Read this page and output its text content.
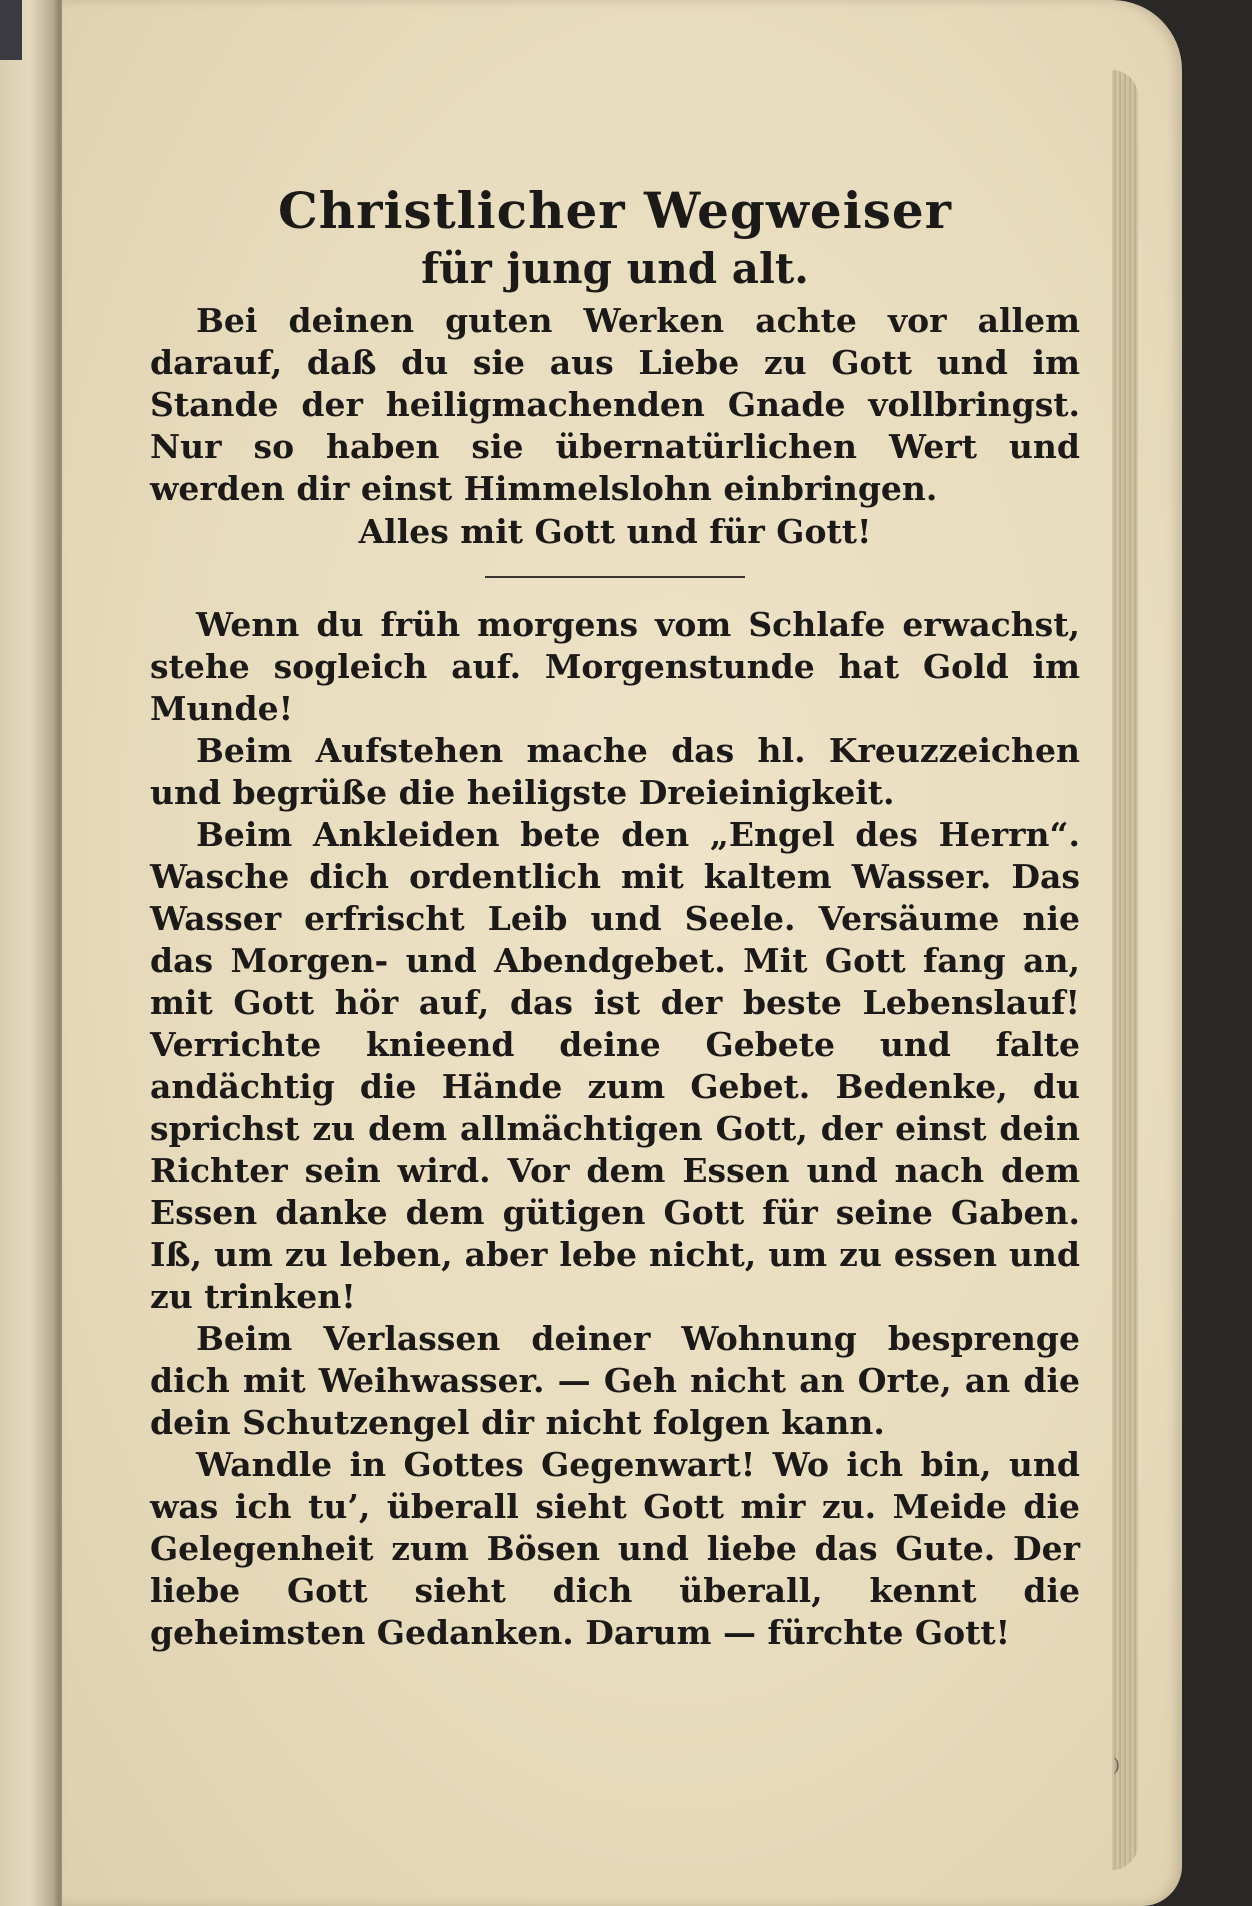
Christlicher Wegweiser
für jung und alt.

Bei deinen guten Werken achte vor allem darauf, daß du sie aus Liebe zu Gott und im Stande der heiligmachenden Gnade vollbringst. Nur so haben sie übernatürlichen Wert und werden dir einst Himmelslohn einbringen.

Alles mit Gott und für Gott!

Wenn du früh morgens vom Schlafe erwachst, stehe sogleich auf. Morgenstunde hat Gold im Munde!

Beim Aufstehen mache das hl. Kreuzzeichen und begrüße die heiligste Dreieinigkeit.

Beim Ankleiden bete den „Engel des Herrn“. Wasche dich ordentlich mit kaltem Wasser. Das Wasser erfrischt Leib und Seele. Versäume nie das Morgen- und Abendgebet. Mit Gott fang an, mit Gott hör auf, das ist der beste Lebenslauf! Verrichte knieend deine Gebete und falte andächtig die Hände zum Gebet. Bedenke, du sprichst zu dem allmächtigen Gott, der einst dein Richter sein wird. Vor dem Essen und nach dem Essen danke dem gütigen Gott für seine Gaben. Iß, um zu leben, aber lebe nicht, um zu essen und zu trinken!

Beim Verlassen deiner Wohnung besprenge dich mit Weihwasser. — Geh nicht an Orte, an die dein Schutzengel dir nicht folgen kann.

Wandle in Gottes Gegenwart! Wo ich bin, und was ich tu’, überall sieht Gott mir zu. Meide die Gelegenheit zum Bösen und liebe das Gute. Der liebe Gott sieht dich überall, kennt die geheimsten Gedanken. Darum — fürchte Gott!

)
